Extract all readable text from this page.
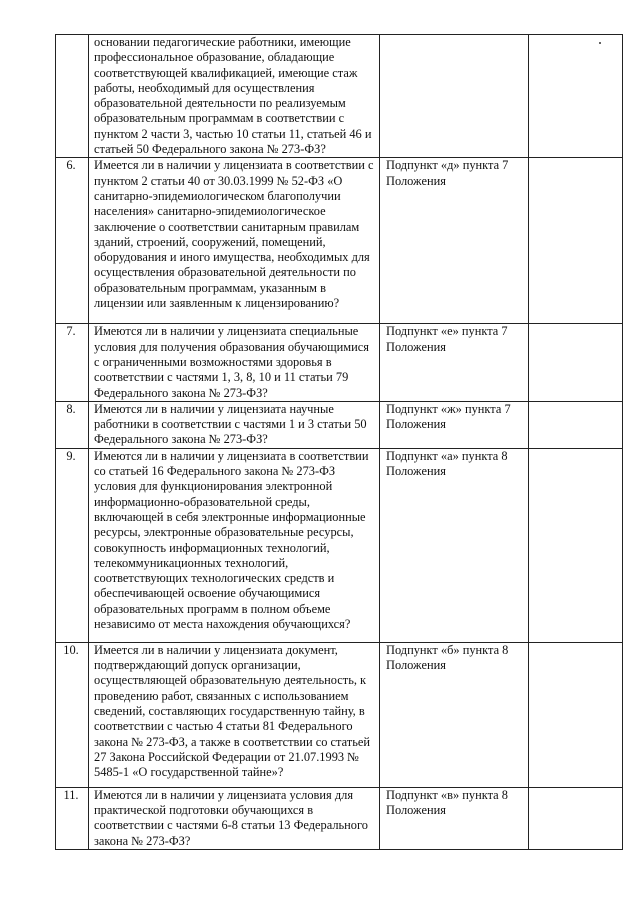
	основании педагогические работники, имеющие профессиональное образование, обладающие соответствующей квалификацией, имеющие стаж работы, необходимый для осуществления образовательной деятельности по реализуемым образовательным программам в соответствии с пунктом 2 части 3, частью 10 статьи 11, статьей 46 и статьей 50 Федерального закона № 273-ФЗ?		
6.	Имеется ли в наличии у лицензиата в соответствии с пунктом 2 статьи 40 от 30.03.1999 № 52-ФЗ «О санитарно-эпидемиологическом благополучии населения» санитарно-эпидемиологическое заключение о соответствии санитарным правилам зданий, строений, сооружений, помещений, оборудования и иного имущества, необходимых для осуществления образовательной деятельности по образовательным программам, указанным в лицензии или заявленным к лицензированию?	Подпункт «д» пункта 7 Положения	
7.	Имеются ли в наличии у лицензиата специальные условия для получения образования обучающимися с ограниченными возможностями здоровья в соответствии с частями 1, 3, 8, 10 и 11 статьи 79 Федерального закона № 273-ФЗ?	Подпункт «е» пункта 7 Положения	
8.	Имеются ли в наличии у лицензиата научные работники в соответствии с частями 1 и 3 статьи 50 Федерального закона № 273-ФЗ?	Подпункт «ж» пункта 7 Положения	
9.	Имеются ли в наличии у лицензиата в соответствии со статьей 16 Федерального закона № 273-ФЗ условия для функционирования электронной информационно-образовательной среды, включающей в себя электронные информационные ресурсы, электронные образовательные ресурсы, совокупность информационных технологий, телекоммуникационных технологий, соответствующих технологических средств и обеспечивающей освоение обучающимися образовательных программ в полном объеме независимо от места нахождения обучающихся?	Подпункт «а» пункта 8 Положения	
10.	Имеется ли в наличии у лицензиата документ, подтверждающий допуск организации, осуществляющей образовательную деятельность, к проведению работ, связанных с использованием сведений, составляющих государственную тайну, в соответствии с частью 4 статьи 81 Федерального закона № 273-ФЗ, а также в соответствии со статьей 27 Закона Российской Федерации от 21.07.1993 № 5485-1 «О государственной тайне»?	Подпункт «б» пункта 8 Положения	
11.	Имеются ли в наличии у лицензиата условия для практической подготовки обучающихся в соответствии с частями 6-8 статьи 13 Федерального закона № 273-ФЗ?	Подпункт «в» пункта 8 Положения	
